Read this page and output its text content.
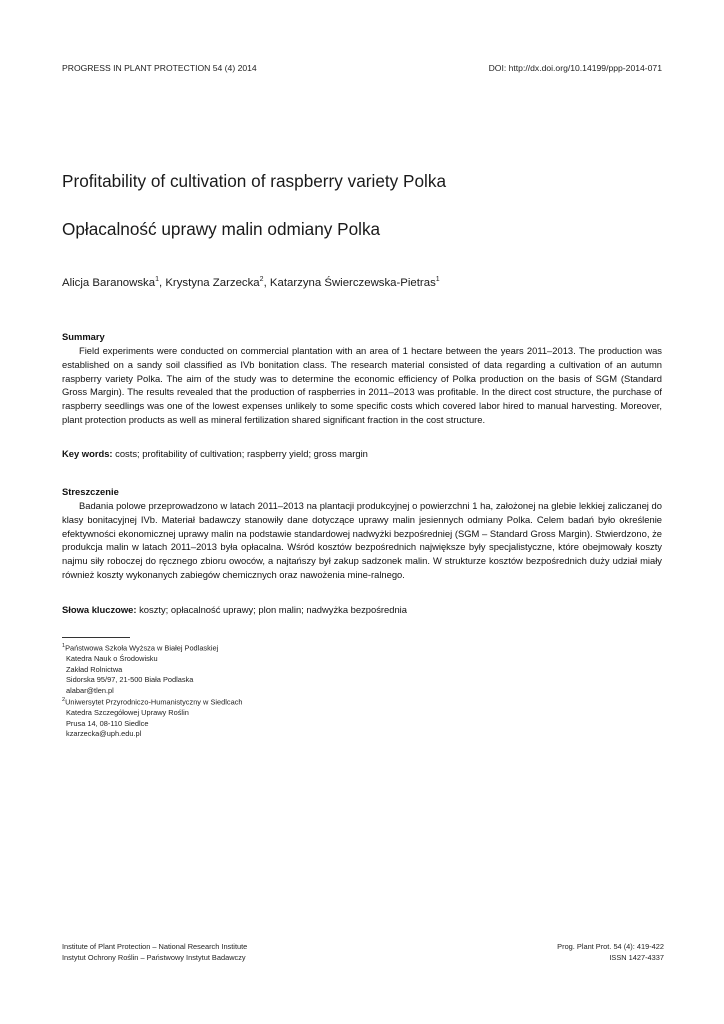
PROGRESS IN PLANT PROTECTION 54 (4) 2014	DOI: http://dx.doi.org/10.14199/ppp-2014-071
Profitability of cultivation of raspberry variety Polka
Opłacalność uprawy malin odmiany Polka
Alicja Baranowska$^1$, Krystyna Zarzecka$^2$, Katarzyna Świerczewska-Pietras$^1$
Summary

Field experiments were conducted on commercial plantation with an area of 1 hectare between the years 2011–2013. The production was established on a sandy soil classified as IVb bonitation class. The research material consisted of data regarding a cultivation of an autumn raspberry variety Polka. The aim of the study was to determine the economic efficiency of Polka production on the basis of SGM (Standard Gross Margin). The results revealed that the production of raspberries in 2011–2013 was profitable. In the direct cost structure, the purchase of raspberry seedlings was one of the lowest expenses unlikely to some specific costs which covered labor hired to manual harvesting. Moreover, plant protection products as well as mineral fertilization shared significant fraction in the cost structure.

Key words: costs; profitability of cultivation; raspberry yield; gross margin
Streszczenie

Badania polowe przeprowadzono w latach 2011–2013 na plantacji produkcyjnej o powierzchni 1 ha, założonej na glebie lekkiej zaliczanej do klasy bonitacyjnej IVb. Materiał badawczy stanowiły dane dotyczące uprawy malin jesiennych odmiany Polka. Celem badań było określenie efektywności ekonomicznej uprawy malin na podstawie standardowej nadwyżki bezpośredniej (SGM – Standard Gross Margin). Stwierdzono, że produkcja malin w latach 2011–2013 była opłacalna. Wśród kosztów bezpośrednich największe były specjalistyczne, które obejmowały koszty najmu siły roboczej do ręcznego zbioru owoców, a najtańszy był zakup sadzonek malin. W strukturze kosztów bezpośrednich duży udział miały również koszty wykonanych zabiegów chemicznych oraz nawożenia mine-ralnego.

Słowa kluczowe: koszty; opłacalność uprawy; plon malin; nadwyżka bezpośrednia
$^1$Państwowa Szkoła Wyższa w Białej Podlaskiej
Katedra Nauk o Środowisku
Zakład Rolnictwa
Sidorska 95/97, 21-500 Biała Podlaska
alabar@tlen.pl
$^2$Uniwersytet Przyrodniczo-Humanistyczny w Siedlcach
Katedra Szczegółowej Uprawy Roślin
Prusa 14, 08-110 Siedlce
kzarzecka@uph.edu.pl
Institute of Plant Protection – National Research Institute
Instytut Ochrony Roślin – Państwowy Instytut Badawczy
Prog. Plant Prot. 54 (4): 419-422
ISSN 1427-4337
